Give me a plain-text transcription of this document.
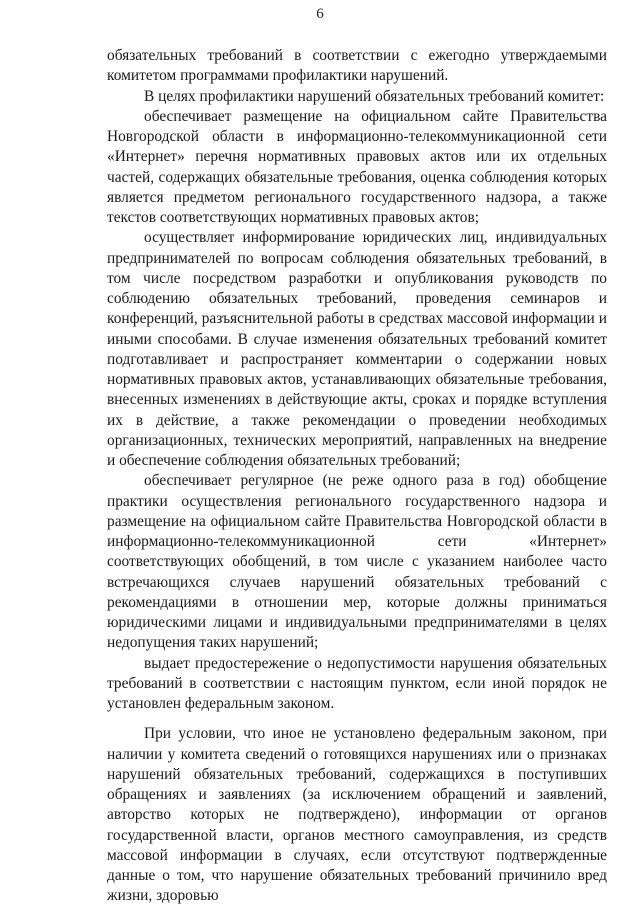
6

обязательных требований в соответствии с ежегодно утверждаемыми комитетом программами профилактики нарушений.

В целях профилактики нарушений обязательных требований комитет:

обеспечивает размещение на официальном сайте Правительства Новгородской области в информационно-телекоммуникационной сети «Интернет» перечня нормативных правовых актов или их отдельных частей, содержащих обязательные требования, оценка соблюдения которых является предметом регионального государственного надзора, а также текстов соответствующих нормативных правовых актов;

осуществляет информирование юридических лиц, индивидуальных предпринимателей по вопросам соблюдения обязательных требований, в том числе посредством разработки и опубликования руководств по соблюдению обязательных требований, проведения семинаров и конференций, разъяснительной работы в средствах массовой информации и иными способами. В случае изменения обязательных требований комитет подготавливает и распространяет комментарии о содержании новых нормативных правовых актов, устанавливающих обязательные требования, внесенных изменениях в действующие акты, сроках и порядке вступления их в действие, а также рекомендации о проведении необходимых организационных, технических мероприятий, направленных на внедрение и обеспечение соблюдения обязательных требований;

обеспечивает регулярное (не реже одного раза в год) обобщение практики осуществления регионального государственного надзора и размещение на официальном сайте Правительства Новгородской области в информационно-телекоммуникационной сети «Интернет» соответствующих обобщений, в том числе с указанием наиболее часто встречающихся случаев нарушений обязательных требований с рекомендациями в отношении мер, которые должны приниматься юридическими лицами и индивидуальными предпринимателями в целях недопущения таких нарушений;

выдает предостережение о недопустимости нарушения обязательных требований в соответствии с настоящим пунктом, если иной порядок не установлен федеральным законом.

При условии, что иное не установлено федеральным законом, при наличии у комитета сведений о готовящихся нарушениях или о признаках нарушений обязательных требований, содержащихся в поступивших обращениях и заявлениях (за исключением обращений и заявлений, авторство которых не подтверждено), информации от органов государственной власти, органов местного самоуправления, из средств массовой информации в случаях, если отсутствуют подтвержденные данные о том, что нарушение обязательных требований причинило вред жизни, здоровью
